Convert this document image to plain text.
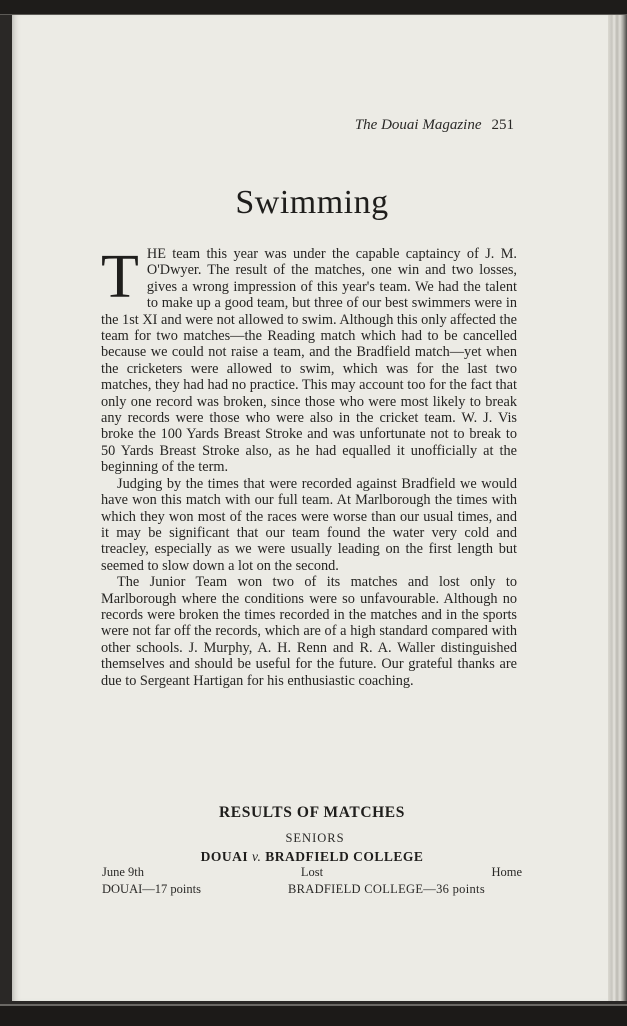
The Douai Magazine 251
Swimming

THE team this year was under the capable captaincy of J. M. O'Dwyer. The result of the matches, one win and two losses, gives a wrong impression of this year's team. We had the talent to make up a good team, but three of our best swimmers were in the 1st XI and were not allowed to swim. Although this only affected the team for two matches—the Reading match which had to be cancelled because we could not raise a team, and the Bradfield match—yet when the cricketers were allowed to swim, which was for the last two matches, they had had no practice. This may account too for the fact that only one record was broken, since those who were most likely to break any records were those who were also in the cricket team. W. J. Vis broke the 100 Yards Breast Stroke and was unfortunate not to break to 50 Yards Breast Stroke also, as he had equalled it unofficially at the beginning of the term.

Judging by the times that were recorded against Bradfield we would have won this match with our full team. At Marlborough the times with which they won most of the races were worse than our usual times, and it may be significant that our team found the water very cold and treacley, especially as we were usually leading on the first length but seemed to slow down a lot on the second.

The Junior Team won two of its matches and lost only to Marlborough where the conditions were so unfavourable. Although no records were broken the times recorded in the matches and in the sports were not far off the records, which are of a high standard compared with other schools. J. Murphy, A. H. Renn and R. A. Waller distinguished themselves and should be useful for the future. Our grateful thanks are due to Sergeant Hartigan for his enthusiastic coaching.

RESULTS OF MATCHES
SENIORS
DOUAI v. BRADFIELD COLLEGE
June 9th	Lost	Home
DOUAI—17 points	BRADFIELD COLLEGE—36 points
